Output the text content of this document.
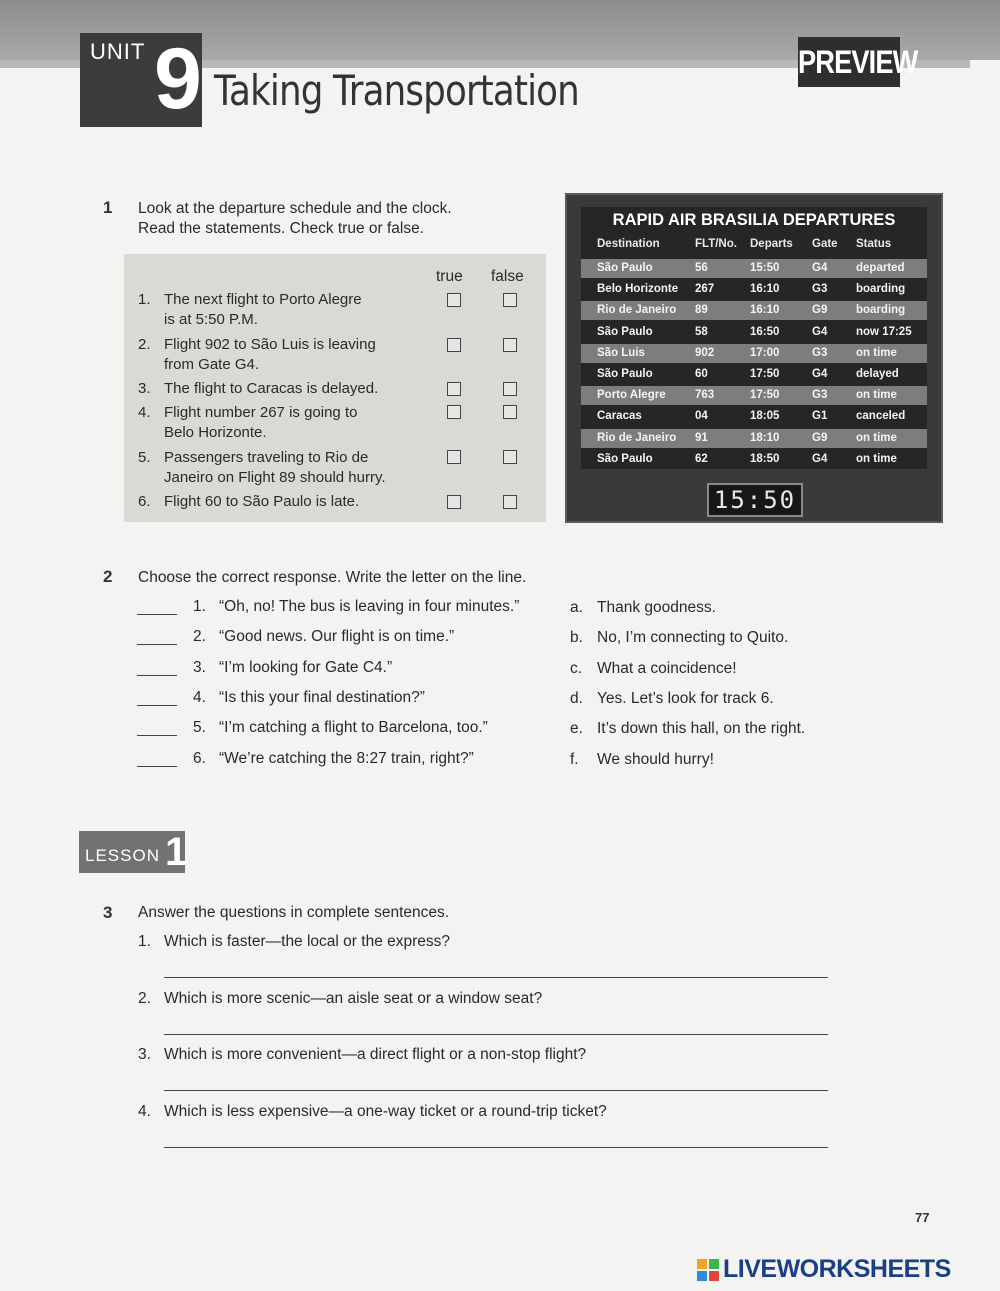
UNIT 9 Taking Transportation
PREVIEW
1 Look at the departure schedule and the clock.
Read the statements. Check true or false.
true false
1. The next flight to Porto Alegre
is at 5:50 P.M.
2. Flight 902 to São Luis is leaving
from Gate G4.
3. The flight to Caracas is delayed.
4. Flight number 267 is going to
Belo Horizonte.
5. Passengers traveling to Rio de
Janeiro on Flight 89 should hurry.
6. Flight 60 to São Paulo is late.
RAPID AIR BRASILIA DEPARTURES
Destination	FLT/No. Departs Gate Status
São Paulo	56	15:50	G4 departed
Belo Horizonte 267	16:10	G3 boarding
Rio de Janeiro 89	16:10	G9 boarding
São Paulo	58	16:50	G4 now 17:25
São Luis	902	17:00	G3 on time
São Paulo	60	17:50	G4 delayed
Porto Alegre	763	17:50	G3 on time
Caracas	04	18:05	G1 canceled
Rio de Janeiro 91	18:10	G9 on time
São Paulo	62	18:50	G4 on time
15:50
2 Choose the correct response. Write the letter on the line.
1. “Oh, no! The bus is leaving in four minutes.”	a. Thank goodness.
2. “Good news. Our flight is on time.”	b. No, I’m connecting to Quito.
3. “I’m looking for Gate C4.”	c. What a coincidence!
4. “Is this your final destination?”	d. Yes. Let’s look for track 6.
5. “I’m catching a flight to Barcelona, too.”	e. It’s down this hall, on the right.
6. “We’re catching the 8:27 train, right?”	f. We should hurry!
LESSON 1
3 Answer the questions in complete sentences.
1. Which is faster—the local or the express?
2. Which is more scenic—an aisle seat or a window seat?
3. Which is more convenient—a direct flight or a non-stop flight?
4. Which is less expensive—a one-way ticket or a round-trip ticket?
77
LIVEWORKSHEETS
